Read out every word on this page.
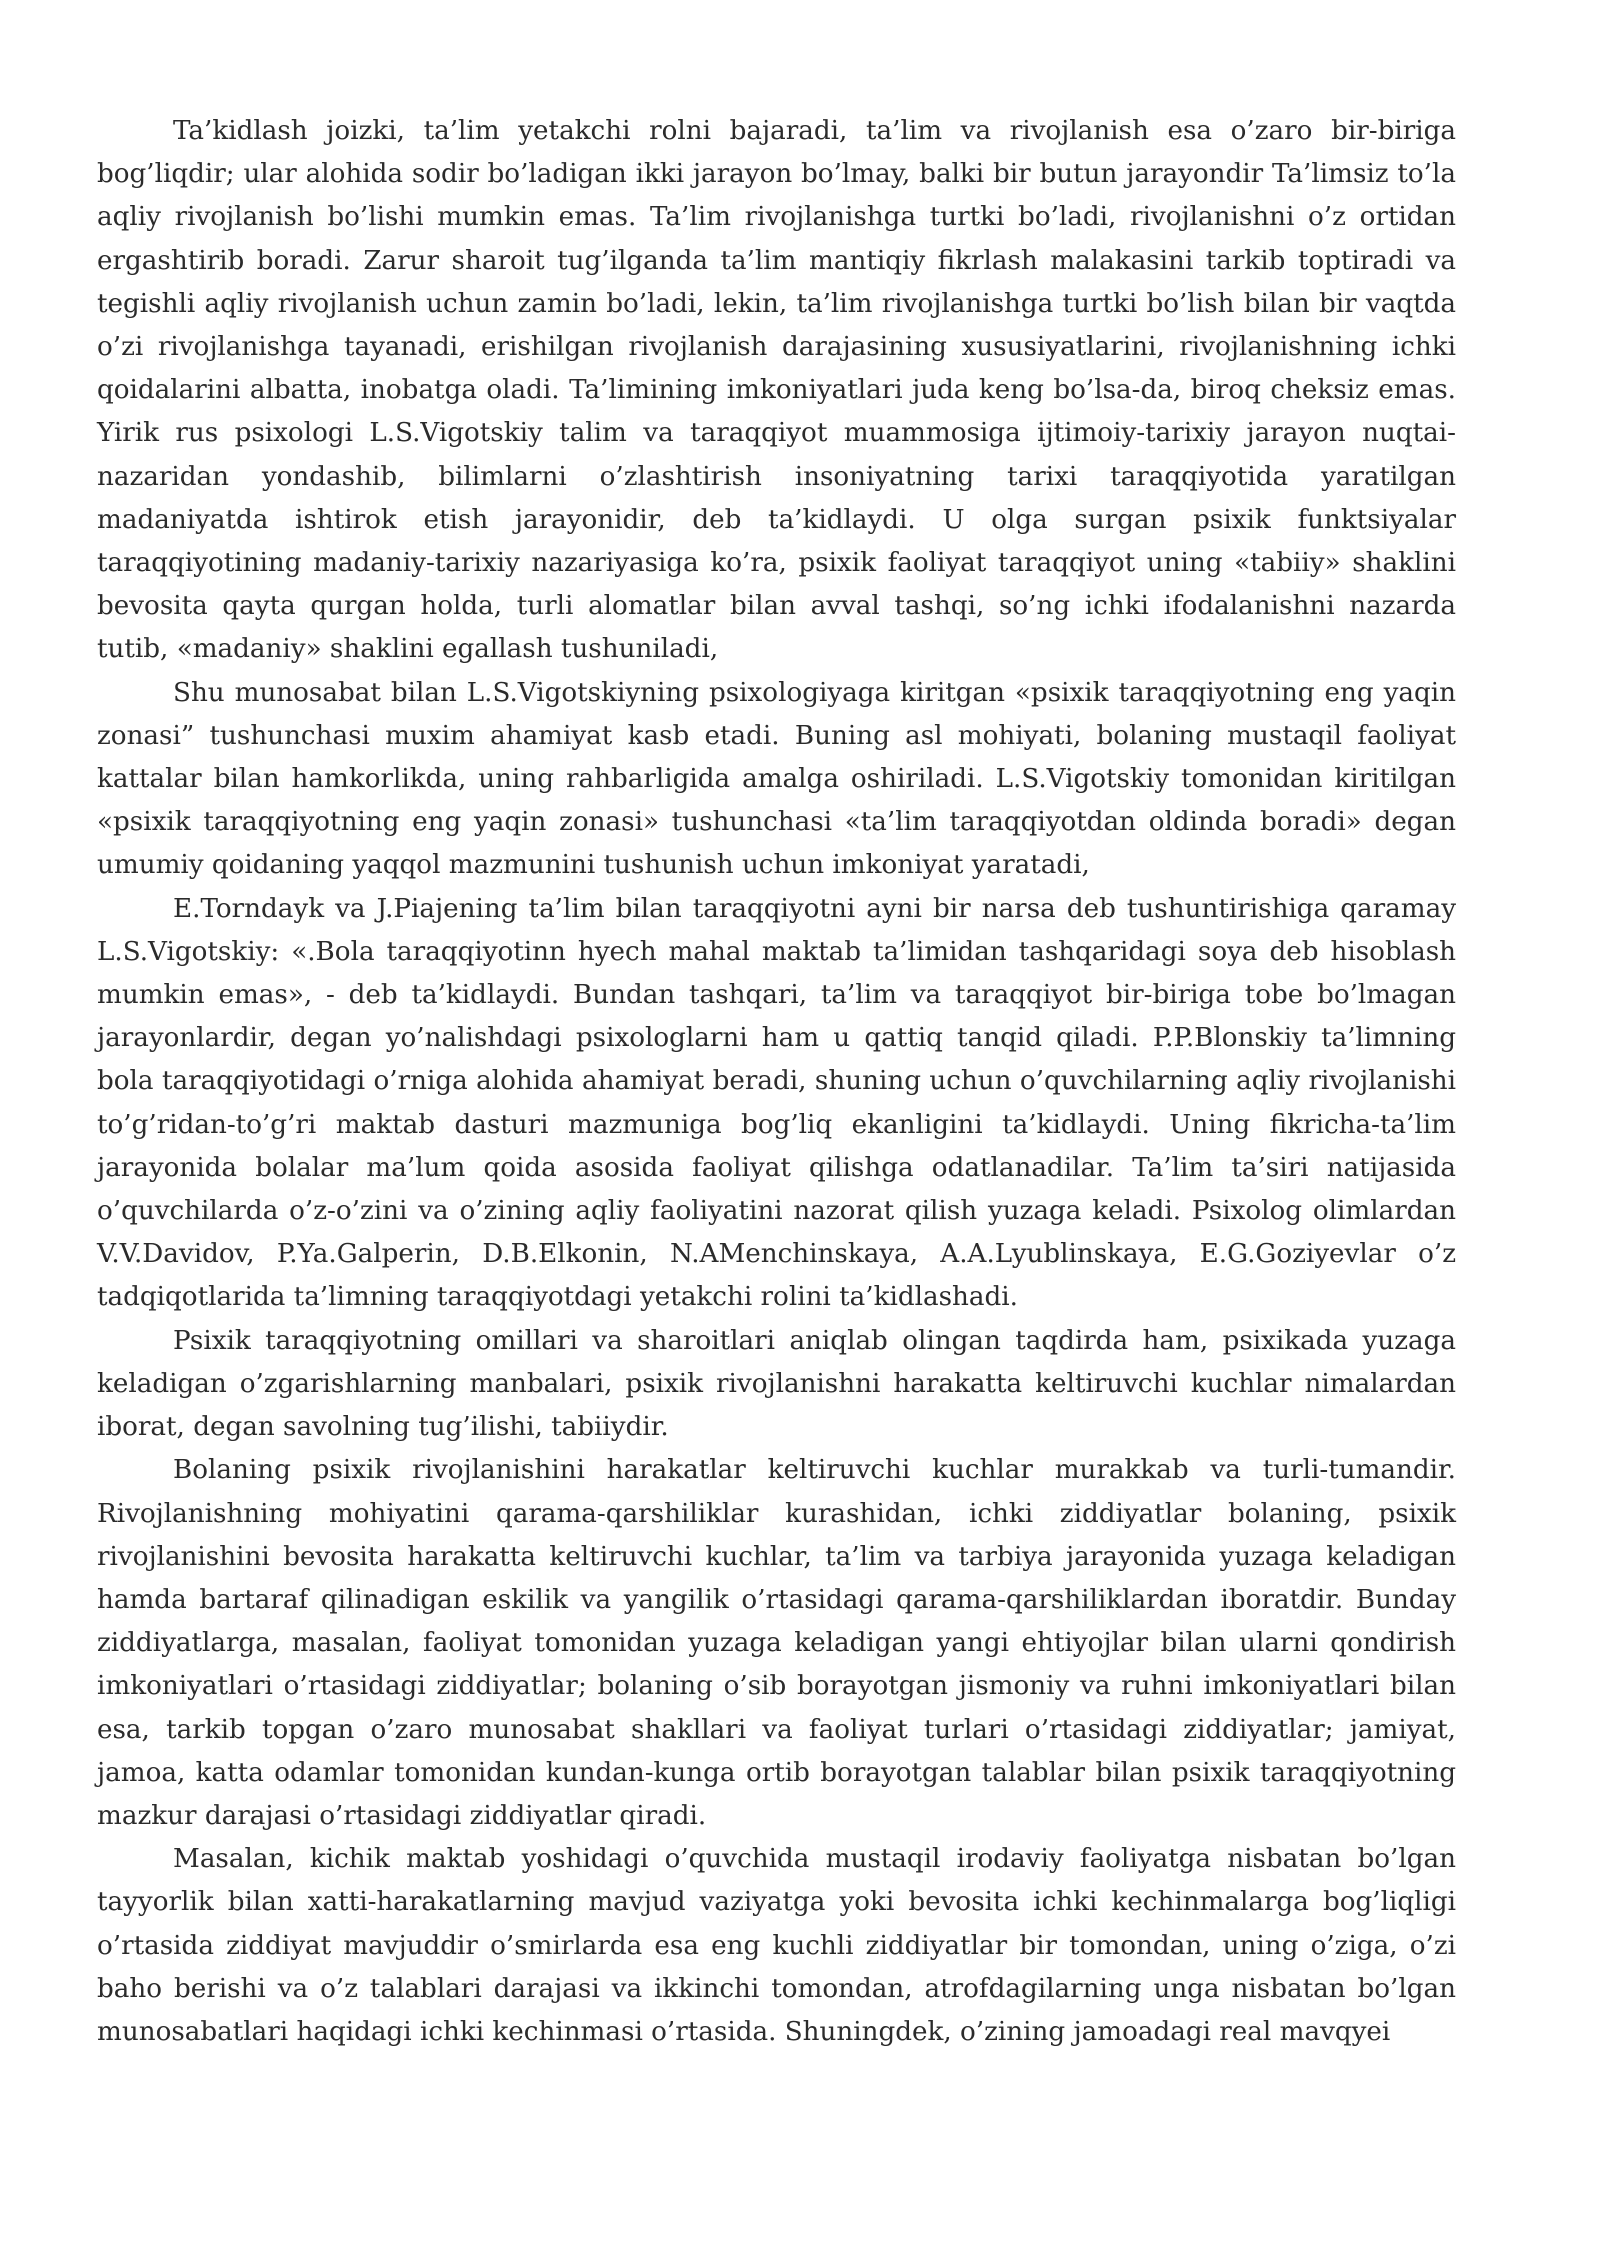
Ta’kidlash joizki, ta’lim yetakchi rolni bajaradi, ta’lim va rivojlanish esa o’zaro bir-biriga bog’liqdir; ular alohida sodir bo’ladigan ikki jarayon bo’lmay, balki bir butun jarayondir Ta’limsiz to’la aqliy rivojlanish bo’lishi mumkin emas. Ta’lim rivojlanishga turtki bo’ladi, rivojlanishni o’z ortidan ergashtirib boradi. Zarur sharoit tug’ilganda ta’lim mantiqiy fikrlash malakasini tarkib toptiradi va tegishli aqliy rivojlanish uchun zamin bo’ladi, lekin, ta’lim rivojlanishga turtki bo’lish bilan bir vaqtda o’zi rivojlanishga tayanadi, erishilgan rivojlanish darajasining xususiyatlarini, rivojlanishning ichki qoidalarini albatta, inobatga oladi. Ta’limining imkoniyatlari juda keng bo’lsa-da, biroq cheksiz emas. Yirik rus psixologi L.S.Vigotskiy talim va taraqqiyot muammosiga ijtimoiy-tarixiy jarayon nuqtai-nazaridan yondashib, bilimlarni o’zlashtirish insoniyatning tarixi taraqqiyotida yaratilgan madaniyatda ishtirok etish jarayonidir, deb ta’kidlaydi. U olga surgan psixik funktsiyalar taraqqiyotining madaniy-tarixiy nazariyasiga ko’ra, psixik faoliyat taraqqiyot uning «tabiiy» shaklini bevosita qayta qurgan holda, turli alomatlar bilan avval tashqi, so’ng ichki ifodalanishni nazarda tutib, «madaniy» shaklini egallash tushuniladi,

Shu munosabat bilan L.S.Vigotskiyning psixologiyaga kiritgan «psixik taraqqiyotning eng yaqin zonasi” tushunchasi muxim ahamiyat kasb etadi. Buning asl mohiyati, bolaning mustaqil faoliyat kattalar bilan hamkorlikda, uning rahbarligida amalga oshiriladi. L.S.Vigotskiy tomonidan kiritilgan «psixik taraqqiyotning eng yaqin zonasi» tushunchasi «ta’lim taraqqiyotdan oldinda boradi» degan umumiy qoidaning yaqqol mazmunini tushunish uchun imkoniyat yaratadi,

E.Torndayk va J.Piajening ta’lim bilan taraqqiyotni ayni bir narsa deb tushuntirishiga qaramay L.S.Vigotskiy: «.Bola taraqqiyotinn hyech mahal maktab ta’limidan tashqaridagi soya deb hisoblash mumkin emas», - deb ta’kidlaydi. Bundan tashqari, ta’lim va taraqqiyot bir-biriga tobe bo’lmagan jarayonlardir, degan yo’nalishdagi psixologlarni ham u qattiq tanqid qiladi. P.P.Blonskiy ta’limning bola taraqqiyotidagi o’rniga alohida ahamiyat beradi, shuning uchun o’quvchilarning aqliy rivojlanishi to’g’ridan-to’g’ri maktab dasturi mazmuniga bog’liq ekanligini ta’kidlaydi. Uning fikricha-ta’lim jarayonida bolalar ma’lum qoida asosida faoliyat qilishga odatlanadilar. Ta’lim ta’siri natijasida o’quvchilarda o’z-o’zini va o’zining aqliy faoliyatini nazorat qilish yuzaga keladi. Psixolog olimlardan V.V.Davidov, P.Ya.Galperin, D.B.Elkonin, N.AMenchinskaya, A.A.Lyublinskaya, E.G.Goziyevlar o’z tadqiqotlarida ta’limning taraqqiyotdagi yetakchi rolini ta’kidlashadi.

Psixik taraqqiyotning omillari va sharoitlari aniqlab olingan taqdirda ham, psixikada yuzaga keladigan o’zgarishlarning manbalari, psixik rivojlanishni harakatta keltiruvchi kuchlar nimalardan iborat, degan savolning tug’ilishi, tabiiydir.

Bolaning psixik rivojlanishini harakatlar keltiruvchi kuchlar murakkab va turli-tumandir. Rivojlanishning mohiyatini qarama-qarshiliklar kurashidan, ichki ziddiyatlar bolaning, psixik rivojlanishini bevosita harakatta keltiruvchi kuchlar, ta’lim va tarbiya jarayonida yuzaga keladigan hamda bartaraf qilinadigan eskilik va yangilik o’rtasidagi qarama-qarshiliklardan iboratdir. Bunday ziddiyatlarga, masalan, faoliyat tomonidan yuzaga keladigan yangi ehtiyojlar bilan ularni qondirish imkoniyatlari o’rtasidagi ziddiyatlar; bolaning o’sib borayotgan jismoniy va ruhni imkoniyatlari bilan esa, tarkib topgan o’zaro munosabat shakllari va faoliyat turlari o’rtasidagi ziddiyatlar; jamiyat, jamoa, katta odamlar tomonidan kundan-kunga ortib borayotgan talablar bilan psixik taraqqiyotning mazkur darajasi o’rtasidagi ziddiyatlar qiradi.

Masalan, kichik maktab yoshidagi o’quvchida mustaqil irodaviy faoliyatga nisbatan bo’lgan tayyorlik bilan xatti-harakatlarning mavjud vaziyatga yoki bevosita ichki kechinmalarga bog’liqligi o’rtasida ziddiyat mavjuddir o’smirlarda esa eng kuchli ziddiyatlar bir tomondan, uning o’ziga, o’zi baho berishi va o’z talablari darajasi va ikkinchi tomondan, atrofdagilarning unga nisbatan bo’lgan munosabatlari haqidagi ichki kechinmasi o’rtasida. Shuningdek, o’zining jamoadagi real mavqyei
